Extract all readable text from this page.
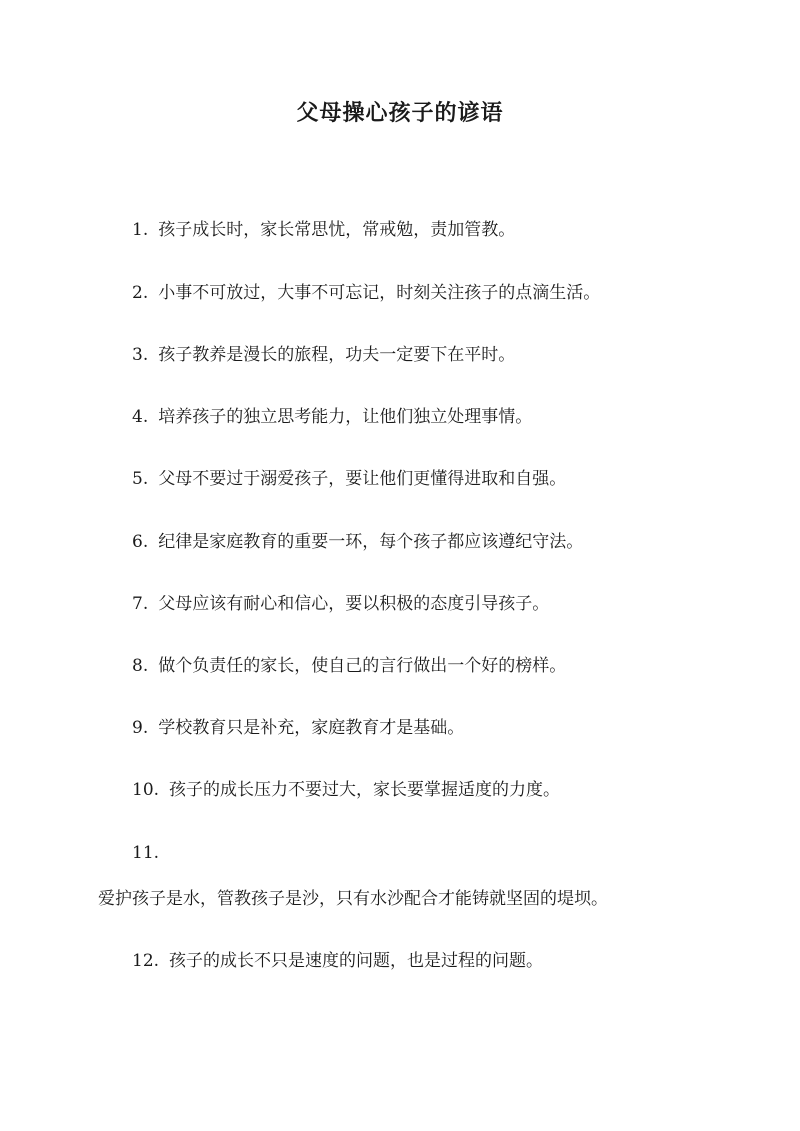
父母操心孩子的谚语
1. 孩子成长时，家长常思忧，常戒勉，责加管教。
2. 小事不可放过，大事不可忘记，时刻关注孩子的点滴生活。
3. 孩子教养是漫长的旅程，功夫一定要下在平时。
4. 培养孩子的独立思考能力，让他们独立处理事情。
5. 父母不要过于溺爱孩子，要让他们更懂得进取和自强。
6. 纪律是家庭教育的重要一环，每个孩子都应该遵纪守法。
7. 父母应该有耐心和信心，要以积极的态度引导孩子。
8. 做个负责任的家长，使自己的言行做出一个好的榜样。
9. 学校教育只是补充，家庭教育才是基础。
10. 孩子的成长压力不要过大，家长要掌握适度的力度。
11.
爱护孩子是水，管教孩子是沙，只有水沙配合才能铸就坚固的堤坝。
12. 孩子的成长不只是速度的问题，也是过程的问题。
